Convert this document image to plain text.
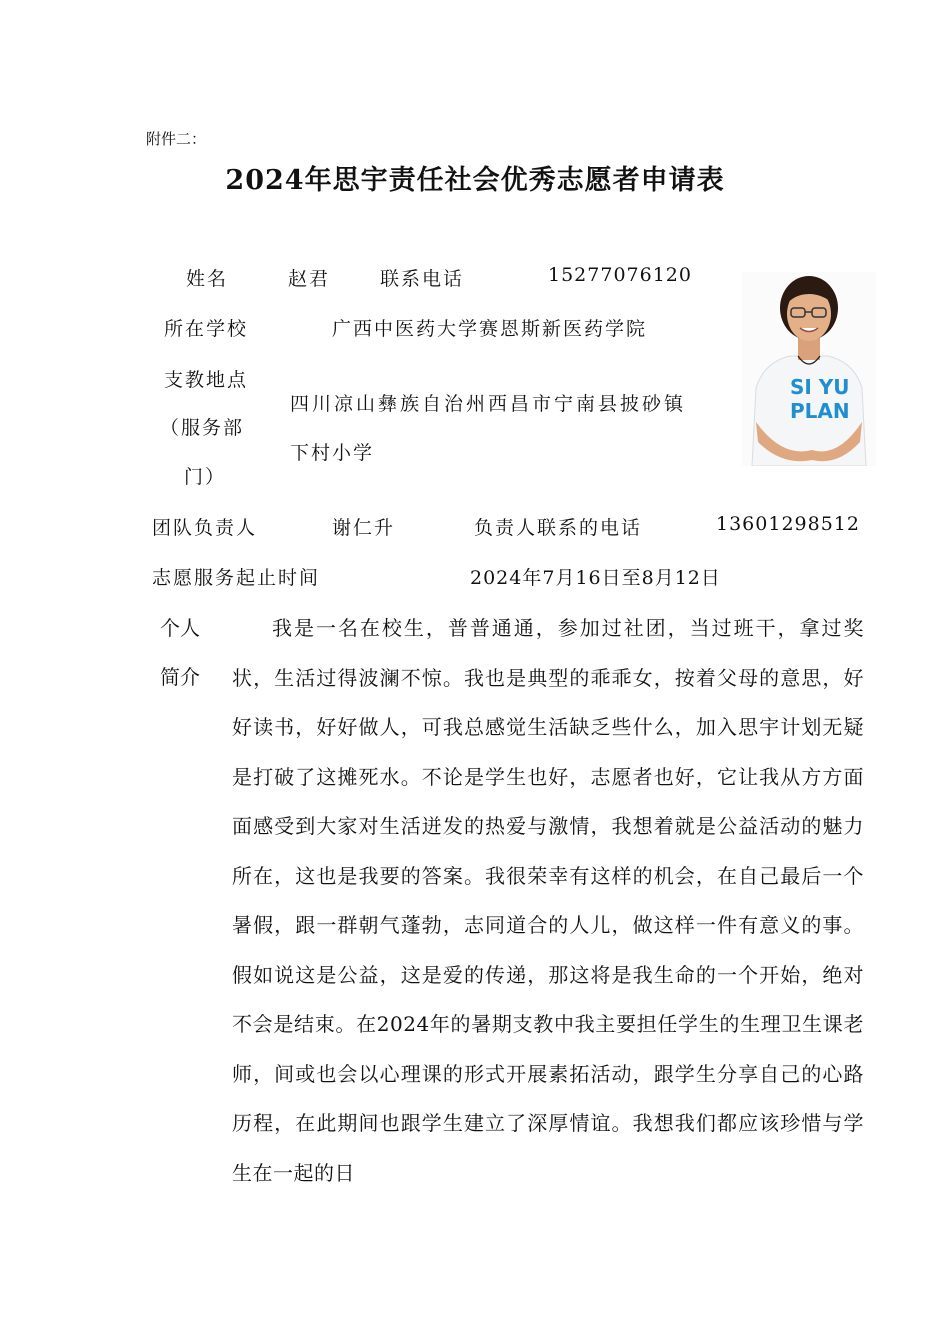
附件二：
2024年思宇责任社会优秀志愿者申请表
姓名	赵君	联系电话	15277076120
所在学校	广西中医药大学赛恩斯新医药学院
支教地点
（服务部
门）
四川凉山彝族自治州西昌市宁南县披砂镇
下村小学
团队负责人	谢仁升	负责人联系的电话	13601298512
志愿服务起止时间	2024年7月16日至8月12日
个人
简介
我是一名在校生，普普通通，参加过社团，当过班干，拿过奖状，生活过得波澜不惊。我也是典型的乖乖女，按着父母的意思，好好读书，好好做人，可我总感觉生活缺乏些什么，加入思宇计划无疑是打破了这摊死水。不论是学生也好，志愿者也好，它让我从方方面面感受到大家对生活迸发的热爱与激情，我想着就是公益活动的魅力所在，这也是我要的答案。我很荣幸有这样的机会，在自己最后一个暑假，跟一群朝气蓬勃，志同道合的人儿，做这样一件有意义的事。假如说这是公益，这是爱的传递，那这将是我生命的一个开始，绝对不会是结束。在2024年的暑期支教中我主要担任学生的生理卫生课老师，间或也会以心理课的形式开展素拓活动，跟学生分享自己的心路历程，在此期间也跟学生建立了深厚情谊。我想我们都应该珍惜与学生在一起的日
SI YU
PLAN
